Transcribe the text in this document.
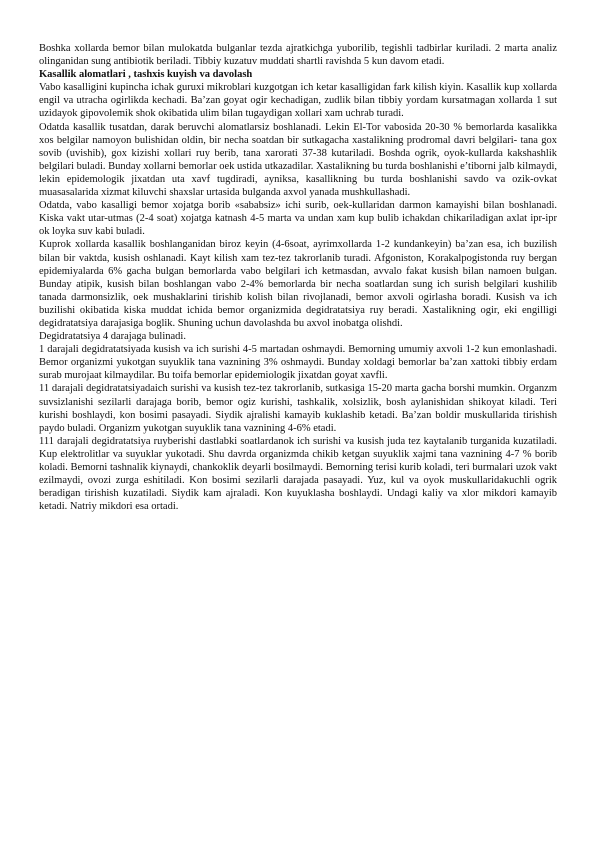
Boshka xollarda bemor bilan mulokatda bulganlar tezda ajratkichga yuborilib, tegishli tadbirlar kuriladi. 2 marta analiz olinganidan sung antibiotik beriladi. Tibbiy kuzatuv muddati shartli ravishda 5 kun davom etadi.

Kasallik alomatlari , tashxis kuyish va davolash

Vabo kasalligini kupincha ichak guruxi mikroblari kuzgotgan ich ketar kasalligidan fark kilish kiyin. Kasallik kup xollarda engil va utracha ogirlikda kechadi. Ba’zan goyat ogir kechadigan, zudlik bilan tibbiy yordam kursatmagan xollarda 1 sut uzidayok gipovolemik shok okibatida ulim bilan tugaydigan xollari xam uchrab turadi.

Odatda kasallik tusatdan, darak beruvchi alomatlarsiz boshlanadi. Lekin El-Tor vabosida 20-30 % bemorlarda kasalikka xos belgilar namoyon bulishidan oldin, bir necha soatdan bir sutkagacha xastalikning prodromal davri belgilari- tana gox sovib (uvishib), gox kizishi xollari ruy berib, tana xarorati 37-38 kutariladi. Boshda ogrik, oyok-kullarda kakshashlik belgilari buladi. Bunday xollarni bemorlar oek ustida utkazadilar. Xastalikning bu turda boshlanishi e’tiborni jalb kilmaydi, lekin epidemologik jixatdan uta xavf tugdiradi, ayniksa, kasallikning bu turda boshlanishi savdo va ozik-ovkat muasasalarida xizmat kiluvchi shaxslar urtasida bulganda axvol yanada mushkullashadi.

Odatda, vabo kasalligi bemor xojatga borib «sababsiz» ichi surib, oek-kullaridan darmon kamayishi bilan boshlanadi. Kiska vakt utar-utmas (2-4 soat) xojatga katnash 4-5 marta va undan xam kup bulib ichakdan chikariladigan axlat ipr-ipr ok loyka suv kabi buladi.

Kuprok xollarda kasallik boshlanganidan biroz keyin (4-6soat, ayrimxollarda 1-2 kundankeyin) ba’zan esa, ich buzilish bilan bir vaktda, kusish oshlanadi. Kayt kilish xam tez-tez takrorlanib turadi. Afgoniston, Korakalpogistonda ruy bergan epidemiyalarda 6% gacha bulgan bemorlarda vabo belgilari ich ketmasdan, avvalo fakat kusish bilan namoen bulgan. Bunday atipik, kusish bilan boshlangan vabo 2-4% bemorlarda bir necha soatlardan sung ich surish belgilari kushilib tanada darmonsizlik, oek mushaklarini tirishib kolish bilan rivojlanadi, bemor axvoli ogirlasha boradi. Kusish va ich buzilishi okibatida kiska muddat ichida bemor organizmida degidratatsiya ruy beradi. Xastalikning ogir, eki engilligi degidratatsiya darajasiga boglik. Shuning uchun davolashda bu axvol inobatga olishdi.

Degidratatsiya 4 darajaga bulinadi.

1 darajali degidratatsiyada kusish va ich surishi 4-5 martadan oshmaydi. Bemorning umumiy axvoli 1-2 kun emonlashadi. Bemor organizmi yukotgan suyuklik tana vaznining 3% oshmaydi. Bunday xoldagi bemorlar ba’zan xattoki tibbiy erdam surab murojaat kilmaydilar. Bu toifa bemorlar epidemiologik jixatdan goyat xavfli.

11 darajali degidratatsiyadaich surishi va kusish tez-tez takrorlanib, sutkasiga 15-20 marta gacha borshi mumkin. Organzm suvsizlanishi sezilarli darajaga borib, bemor ogiz kurishi, tashkalik, xolsizlik, bosh aylanishidan shikoyat kiladi. Teri kurishi boshlaydi, kon bosimi pasayadi. Siydik ajralishi kamayib kuklashib ketadi. Ba’zan boldir muskullarida tirishish paydo buladi. Organizm yukotgan suyuklik tana vaznining 4-6% etadi.

111 darajali degidratatsiya ruyberishi dastlabki soatlardanok ich surishi va kusish juda tez kaytalanib turganida kuzatiladi. Kup elektrolitlar va suyuklar yukotadi. Shu davrda organizmda chikib ketgan suyuklik xajmi tana vaznining 4-7 % borib koladi. Bemorni tashnalik kiynaydi, chankoklik deyarli bosilmaydi. Bemorning terisi kurib koladi, teri burmalari uzok vakt ezilmaydi, ovozi zurga eshitiladi. Kon bosimi sezilarli darajada pasayadi. Yuz, kul va oyok muskullaridakuchli ogrik beradigan tirishish kuzatiladi. Siydik kam ajraladi. Kon kuyuklasha boshlaydi. Undagi kaliy va xlor mikdori kamayib ketadi. Natriy mikdori esa ortadi.
